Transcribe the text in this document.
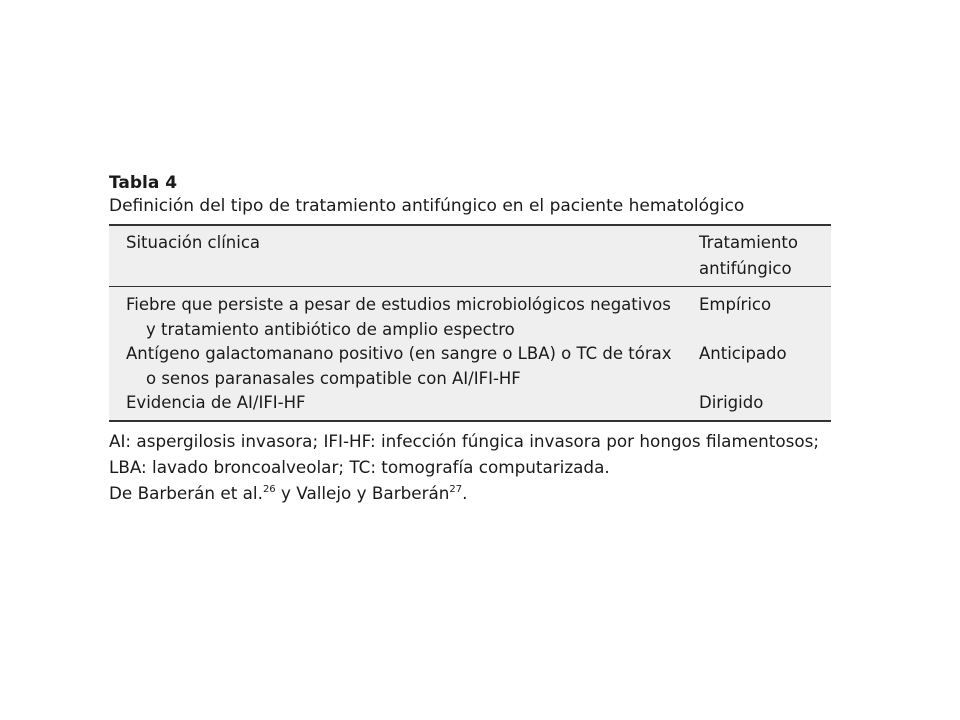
Tabla 4
Definición del tipo de tratamiento antifúngico en el paciente hematológico
Situación clínica	Tratamiento antifúngico
Fiebre que persiste a pesar de estudios microbiológicos negativos y tratamiento antibiótico de amplio espectro
Empírico
Antígeno galactomanano positivo (en sangre o LBA) o TC de tórax o senos paranasales compatible con AI/IFI-HF
Anticipado
Evidencia de AI/IFI-HF	Dirigido
AI: aspergilosis invasora; IFI-HF: infección fúngica invasora por hongos filamentosos; LBA: lavado broncoalveolar; TC: tomografía computarizada.
De Barberán et al.$^{26}$ y Vallejo y Barberán$^{27}$.
